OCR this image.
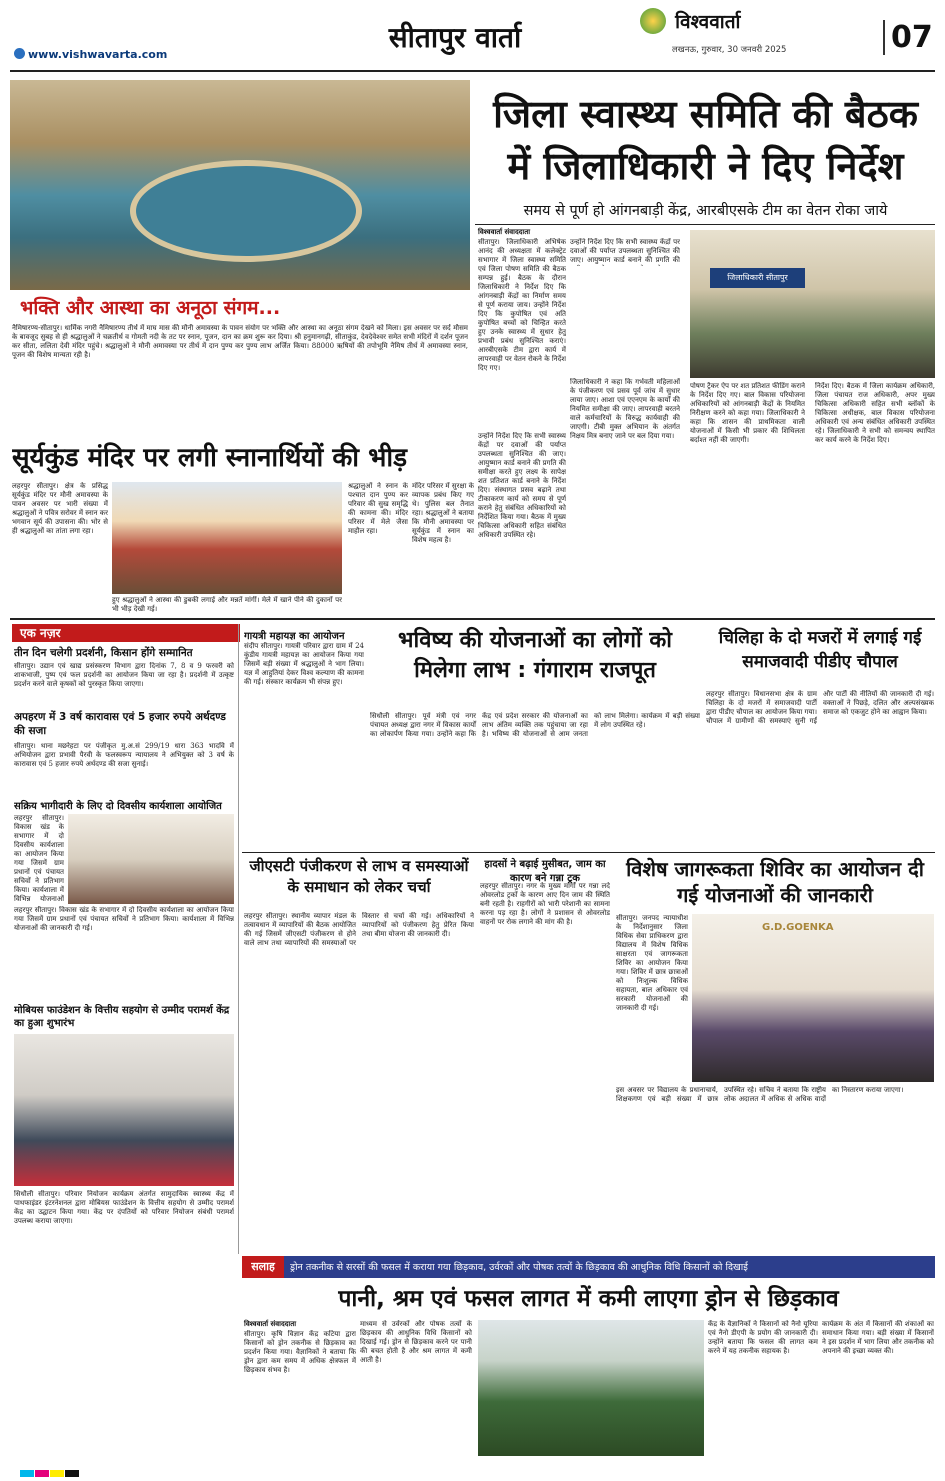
www.vishwavarta.com
सीतापुर वार्ता	विश्ववार्ता
लखनऊ, गुरुवार, 30 जनवरी 2025	07
भक्ति और आस्था का अनूठा संगम...
नैमिषारण्य-सीतापुर। धार्मिक नगरी नैमिषारण्य तीर्थ में माघ मास की मौनी अमावस्या के पावन संयोग पर भक्ति और आस्था का अनूठा संगम देखने को मिला। इस अवसर पर सर्द मौसम के बावजूद सुबह से ही श्रद्धालुओं ने चक्रतीर्थ व गोमती नदी के तट पर स्नान, पूजन, दान का क्रम शुरू कर दिया। श्री हनुमानगढ़ी, सीताकुंड, देवदेवेश्वर समेत सभी मंदिरों में दर्शन पूजन कर सीता, ललिता देवी मंदिर पहुंचे। श्रद्धालुओं ने मौनी अमावस्या पर तीर्थ में दान पुण्य कर पुण्य लाभ अर्जित किया। 88000 ऋषियों की तपोभूमि नैमिष तीर्थ में अमावस्या स्नान, पूजन की विशेष मान्यता रही है।
जिला स्वास्थ्य समिति की बैठक में जिलाधिकारी ने दिए निर्देश
समय से पूर्ण हो आंगनबाड़ी केंद्र, आरबीएसके टीम का वेतन रोका जाये
विश्ववार्ता संवाददाता
सीतापुर। जिलाधिकारी अभिषेक आनंद की अध्यक्षता में कलेक्ट्रेट सभागार में जिला स्वास्थ्य समिति एवं जिला पोषण समिति की बैठक सम्पन्न हुई। बैठक के दौरान जिलाधिकारी ने निर्देश दिए कि आंगनबाड़ी केंद्रों का निर्माण समय से पूर्ण कराया जाय। उन्होंने निर्देश दिए कि कुपोषित एवं अति कुपोषित बच्चों को चिन्हित करते हुए उनके स्वास्थ्य में सुधार हेतु प्रभावी प्रबंध सुनिश्चित कराएं। आरबीएसके टीम द्वारा कार्य में लापरवाही पर वेतन रोकने के निर्देश दिए गए।
उन्होंने निर्देश दिए कि सभी स्वास्थ्य केंद्रों पर दवाओं की पर्याप्त उपलब्धता सुनिश्चित की जाए। आयुष्मान कार्ड बनाने की प्रगति की
जिलाधिकारी सीतापुर
जिलाधिकारी ने कहा कि गर्भवती महिलाओं के पंजीकरण एवं प्रसव पूर्व जांच में सुधार लाया जाए। आशा एवं एएनएम के कार्यों की नियमित समीक्षा की जाए। लापरवाही बरतने वाले कर्मचारियों के विरुद्ध कार्यवाही की जाएगी। टीबी मुक्त अभियान के अंतर्गत निक्षय मित्र बनाए जाने पर बल दिया गया।
पोषण ट्रैकर ऐप पर शत प्रतिशत फीडिंग कराने के निर्देश दिए गए। बाल विकास परियोजना अधिकारियों को आंगनबाड़ी केंद्रों के नियमित निरीक्षण करने को कहा गया। जिलाधिकारी ने कहा कि शासन की प्राथमिकता वाली योजनाओं में किसी भी प्रकार की शिथिलता बर्दाश्त नहीं की जाएगी।
निर्देश दिए। बैठक में जिला कार्यक्रम अधिकारी, जिला पंचायत राज अधिकारी, अपर मुख्य चिकित्सा अधिकारी सहित सभी ब्लॉकों के चिकित्सा अधीक्षक, बाल विकास परियोजना अधिकारी एवं अन्य संबंधित अधिकारी उपस्थित रहे। जिलाधिकारी ने सभी को समन्वय स्थापित कर कार्य करने के निर्देश दिए।
उन्होंने निर्देश दिए कि सभी स्वास्थ्य केंद्रों पर दवाओं की पर्याप्त उपलब्धता सुनिश्चित की जाए। आयुष्मान कार्ड बनाने की प्रगति की समीक्षा करते हुए लक्ष्य के सापेक्ष शत प्रतिशत कार्ड बनाने के निर्देश दिए। संस्थागत प्रसव बढ़ाने तथा टीकाकरण कार्य को समय से पूर्ण कराने हेतु संबंधित अधिकारियों को निर्देशित किया गया। बैठक में मुख्य चिकित्सा अधिकारी सहित संबंधित अधिकारी उपस्थित रहे।
सूर्यकुंड मंदिर पर लगी स्नानार्थियों की भीड़
लहरपुर सीतापुर। क्षेत्र के प्रसिद्ध सूर्यकुंड मंदिर पर मौनी अमावस्या के पावन अवसर पर भारी संख्या में श्रद्धालुओं ने पवित्र सरोवर में स्नान कर भगवान सूर्य की उपासना की। भोर से ही श्रद्धालुओं का तांता लगा रहा।
श्रद्धालुओं ने स्नान के पश्चात दान पुण्य कर परिवार की सुख समृद्धि की कामना की। मंदिर परिसर में मेले जैसा माहौल रहा।
मंदिर परिसर में सुरक्षा के व्यापक प्रबंध किए गए थे। पुलिस बल तैनात रहा। श्रद्धालुओं ने बताया कि मौनी अमावस्या पर सूर्यकुंड में स्नान का विशेष महत्व है।
हुए श्रद्धालुओं ने आस्था की डुबकी लगाई और मन्नतें मांगीं। मेले में खाने पीने की दुकानों पर भी भीड़ देखी गई।
एक नज़र
तीन दिन चलेगी प्रदर्शनी, किसान होंगे सम्मानित
सीतापुर। उद्यान एवं खाद्य प्रसंस्करण विभाग द्वारा दिनांक 7, 8 व 9 फरवरी को शाकभाजी, पुष्प एवं फल प्रदर्शनी का आयोजन किया जा रहा है। प्रदर्शनी में उत्कृष्ट प्रदर्शन करने वाले कृषकों को पुरस्कृत किया जाएगा।
अपहरण में 3 वर्ष कारावास एवं 5 हजार रुपये अर्थदण्ड की सजा
सीतापुर। थाना मछरेहटा पर पंजीकृत मु.अ.सं 299/19 धारा 363 भादवि में अभियोजन द्वारा प्रभावी पैरवी के फलस्वरूप न्यायालय ने अभियुक्त को 3 वर्ष के कारावास एवं 5 हजार रुपये अर्थदण्ड की सजा सुनाई।
सक्रिय भागीदारी के लिए दो दिवसीय कार्यशाला आयोजित
लहरपुर सीतापुर। विकास खंड के सभागार में दो दिवसीय कार्यशाला का आयोजन किया गया जिसमें ग्राम प्रधानों एवं पंचायत सचिवों ने प्रतिभाग किया। कार्यशाला में विभिन्न योजनाओं
लहरपुर सीतापुर। विकास खंड के सभागार में दो दिवसीय कार्यशाला का आयोजन किया गया जिसमें ग्राम प्रधानों एवं पंचायत सचिवों ने प्रतिभाग किया। कार्यशाला में विभिन्न योजनाओं की जानकारी दी गई।
मोबियस फाउंडेशन के वित्तीय सहयोग से उम्मीद परामर्श केंद्र का हुआ शुभारंभ
सिधौली सीतापुर। परिवार नियोजन कार्यक्रम अंतर्गत सामुदायिक स्वास्थ्य केंद्र में पाथफाइंडर इंटरनेशनल द्वारा मोबियस फाउंडेशन के वित्तीय सहयोग से उम्मीद परामर्श केंद्र का उद्घाटन किया गया। केंद्र पर दंपतियों को परिवार नियोजन संबंधी परामर्श उपलब्ध कराया जाएगा।
गायत्री महायज्ञ का आयोजन
संदीप सीतापुर। गायत्री परिवार द्वारा ग्राम में 24 कुंडीय गायत्री महायज्ञ का आयोजन किया गया जिसमें बड़ी संख्या में श्रद्धालुओं ने भाग लिया। यज्ञ में आहुतियां देकर विश्व कल्याण की कामना की गई। संस्कार कार्यक्रम भी संपन्न हुए।
भविष्य की योजनाओं का लोगों को मिलेगा लाभ : गंगाराम राजपूत
सिधौली सीतापुर। पूर्व मंत्री एवं नगर पंचायत अध्यक्ष द्वारा नगर में विकास कार्यों का लोकार्पण किया गया। उन्होंने कहा कि केंद्र एवं प्रदेश सरकार की योजनाओं का लाभ अंतिम व्यक्ति तक पहुंचाया जा रहा है। भविष्य की योजनाओं से आम जनता को लाभ मिलेगा। कार्यक्रम में बड़ी संख्या में लोग उपस्थित रहे।
चिलिहा के दो मजरों में लगाई गई समाजवादी पीडीए चौपाल
लहरपुर सीतापुर। विधानसभा क्षेत्र के ग्राम चिलिहा के दो मजरों में समाजवादी पार्टी द्वारा पीडीए चौपाल का आयोजन किया गया। चौपाल में ग्रामीणों की समस्याएं सुनी गईं और पार्टी की नीतियों की जानकारी दी गई। वक्ताओं ने पिछड़े, दलित और अल्पसंख्यक समाज को एकजुट होने का आह्वान किया।
जीएसटी पंजीकरण से लाभ व समस्याओं के समाधान को लेकर चर्चा
लहरपुर सीतापुर। स्थानीय व्यापार मंडल के तत्वावधान में व्यापारियों की बैठक आयोजित की गई जिसमें जीएसटी पंजीकरण से होने वाले लाभ तथा व्यापारियों की समस्याओं पर विस्तार से चर्चा की गई। अधिकारियों ने व्यापारियों को पंजीकरण हेतु प्रेरित किया तथा बीमा योजना की जानकारी दी।
हादसों ने बढ़ाई मुसीबत, जाम का कारण बने गन्ना ट्रक
लहरपुर सीतापुर। नगर के मुख्य मार्गों पर गन्ना लदे ओवरलोड ट्रकों के कारण आए दिन जाम की स्थिति बनी रहती है। राहगीरों को भारी परेशानी का सामना करना पड़ रहा है। लोगों ने प्रशासन से ओवरलोड वाहनों पर रोक लगाने की मांग की है।
विशेष जागरूकता शिविर का आयोजन दी गई योजनाओं की जानकारी
सीतापुर। जनपद न्यायाधीश के निर्देशानुसार जिला विधिक सेवा प्राधिकरण द्वारा विद्यालय में विशेष विधिक साक्षरता एवं जागरूकता शिविर का आयोजन किया गया। शिविर में छात्र छात्राओं को निःशुल्क विधिक सहायता, बाल अधिकार एवं सरकारी योजनाओं की जानकारी दी गई।
G.D.GOENKA
इस अवसर पर विद्यालय के प्रधानाचार्य, शिक्षकगण एवं बड़ी संख्या में छात्र उपस्थित रहे। सचिव ने बताया कि राष्ट्रीय लोक अदालत में अधिक से अधिक वादों का निस्तारण कराया जाएगा।
सलाह	ड्रोन तकनीक से सरसों की फसल में कराया गया छिड़काव, उर्वरकों और पोषक तत्वों के छिड़काव की आधुनिक विधि किसानों को दिखाई
पानी, श्रम एवं फसल लागत में कमी लाएगा ड्रोन से छिड़काव
विश्ववार्ता संवाददाता
सीतापुर। कृषि विज्ञान केंद्र कटिया द्वारा किसानों को ड्रोन तकनीक से छिड़काव का प्रदर्शन किया गया। वैज्ञानिकों ने बताया कि ड्रोन द्वारा कम समय में अधिक क्षेत्रफल में छिड़काव संभव है।
माध्यम से उर्वरकों और पोषक तत्वों के छिड़काव की आधुनिक विधि किसानों को दिखाई गई। ड्रोन से छिड़काव करने पर पानी की बचत होती है और श्रम लागत में कमी आती है।
केंद्र के वैज्ञानिकों ने किसानों को नैनो यूरिया एवं नैनो डीएपी के प्रयोग की जानकारी दी। उन्होंने बताया कि फसल की लागत कम करने में यह तकनीक सहायक है।
कार्यक्रम के अंत में किसानों की शंकाओं का समाधान किया गया। बड़ी संख्या में किसानों ने इस प्रदर्शन में भाग लिया और तकनीक को अपनाने की इच्छा व्यक्त की।
